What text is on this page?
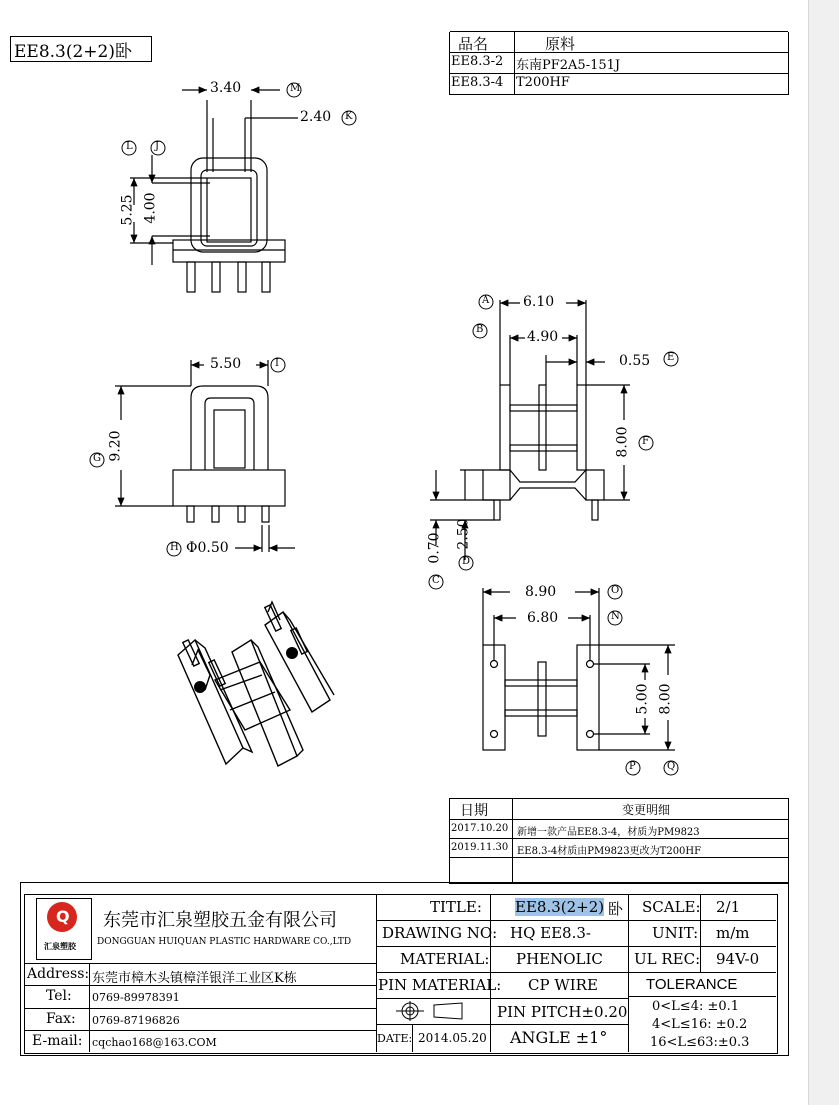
EE8.3(2+2)卧	品名	原料
EE8.3-2 东南PF2A5-151J
EE8.3-4 T200HF
M
K
L J
I
G
H
A
B
E
F
C
D
O
N
P	Q
3.40
2.40
5.25 4.00
5.50
9.20
Φ0.50
6.10
4.90
0.55
8.00
2.50
0.70
8.90
6.80
5.00 8.00
日期	变更明细
2017.10.20 新增一款产品EE8.3-4，材质为PM9823
2019.11.30 EE8.3-4材质由PM9823更改为T200HF
Q
汇泉塑胶
东莞市汇泉塑胶五金有限公司
DONGGUAN HUIQUAN PLASTIC HARDWARE CO.,LTD
Address: 东莞市樟木头镇樟洋银洋工业区K栋
Tel: 0769-89978391
Fax: 0769-87196826
E-mail: cqchao168@163.COM
TITLE: EE8.3(2+2) 卧
DRAWING NO: HQ EE8.3-
MATERIAL: PHENOLIC
PIN MATERIAL: CP WIRE
PIN PITCH±0.20
DATE: 2014.05.20 ANGLE ±1°
SCALE: 2/1
UNIT: m/m
UL REC: 94V-0
TOLERANCE
0<L≤4: ±0.1
4<L≤16: ±0.2
16<L≤63:±0.3
